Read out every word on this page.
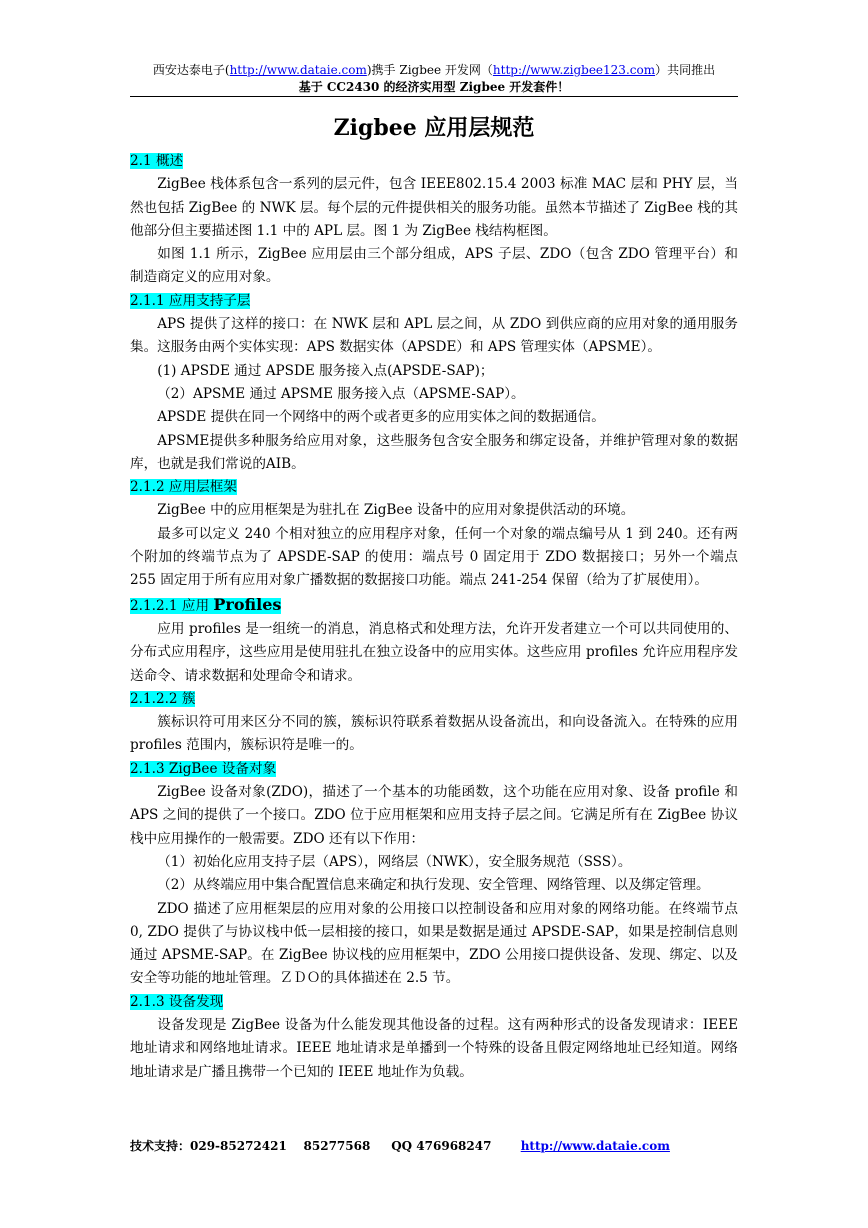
西安达泰电子(http://www.dataie.com)携手 Zigbee 开发网（http://www.zigbee123.com）共同推出
基于 CC2430 的经济实用型 Zigbee 开发套件！
Zigbee 应用层规范

2.1 概述

ZigBee 栈体系包含一系列的层元件，包含 IEEE802.15.4 2003 标准 MAC 层和 PHY 层，当然也包括 ZigBee 的 NWK 层。每个层的元件提供相关的服务功能。虽然本节描述了 ZigBee 栈的其他部分但主要描述图 1.1 中的 APL 层。图 1 为 ZigBee 栈结构框图。

如图 1.1 所示，ZigBee 应用层由三个部分组成，APS 子层、ZDO（包含 ZDO 管理平台）和制造商定义的应用对象。

2.1.1 应用支持子层

APS 提供了这样的接口：在 NWK 层和 APL 层之间，从 ZDO 到供应商的应用对象的通用服务集。这服务由两个实体实现：APS 数据实体（APSDE）和 APS 管理实体（APSME）。

(1) APSDE 通过 APSDE 服务接入点(APSDE-SAP)；

（2）APSME 通过 APSME 服务接入点（APSME-SAP）。

APSDE 提供在同一个网络中的两个或者更多的应用实体之间的数据通信。

APSME提供多种服务给应用对象，这些服务包含安全服务和绑定设备，并维护管理对象的数据库，也就是我们常说的AIB。

2.1.2 应用层框架

ZigBee 中的应用框架是为驻扎在 ZigBee 设备中的应用对象提供活动的环境。

最多可以定义 240 个相对独立的应用程序对象，任何一个对象的端点编号从 1 到 240。还有两个附加的终端节点为了 APSDE-SAP 的使用：端点号 0 固定用于 ZDO 数据接口；另外一个端点 255 固定用于所有应用对象广播数据的数据接口功能。端点 241-254 保留（给为了扩展使用）。

2.1.2.1 应用 Profiles

应用 profiles 是一组统一的消息，消息格式和处理方法，允许开发者建立一个可以共同使用的、分布式应用程序，这些应用是使用驻扎在独立设备中的应用实体。这些应用 profiles 允许应用程序发送命令、请求数据和处理命令和请求。

2.1.2.2 簇

簇标识符可用来区分不同的簇，簇标识符联系着数据从设备流出，和向设备流入。在特殊的应用 profiles 范围内，簇标识符是唯一的。

2.1.3 ZigBee 设备对象

ZigBee 设备对象(ZDO)，描述了一个基本的功能函数，这个功能在应用对象、设备 profile 和 APS 之间的提供了一个接口。ZDO 位于应用框架和应用支持子层之间。它满足所有在 ZigBee 协议栈中应用操作的一般需要。ZDO 还有以下作用：

（1）初始化应用支持子层（APS），网络层（NWK），安全服务规范（SSS）。

（2）从终端应用中集合配置信息来确定和执行发现、安全管理、网络管理、以及绑定管理。

ZDO 描述了应用框架层的应用对象的公用接口以控制设备和应用对象的网络功能。在终端节点 0, ZDO 提供了与协议栈中低一层相接的接口，如果是数据是通过 APSDE-SAP，如果是控制信息则通过 APSME-SAP。在 ZigBee 协议栈的应用框架中，ZDO 公用接口提供设备、发现、绑定、以及安全等功能的地址管理。ＺＤＯ的具体描述在 2.5 节。

2.1.3 设备发现

设备发现是 ZigBee 设备为什么能发现其他设备的过程。这有两种形式的设备发现请求：IEEE 地址请求和网络地址请求。IEEE 地址请求是单播到一个特殊的设备且假定网络地址已经知道。网络地址请求是广播且携带一个已知的 IEEE 地址作为负载。

技术支持：029-85272421    85277568     QQ 476968247       http://www.dataie.com
